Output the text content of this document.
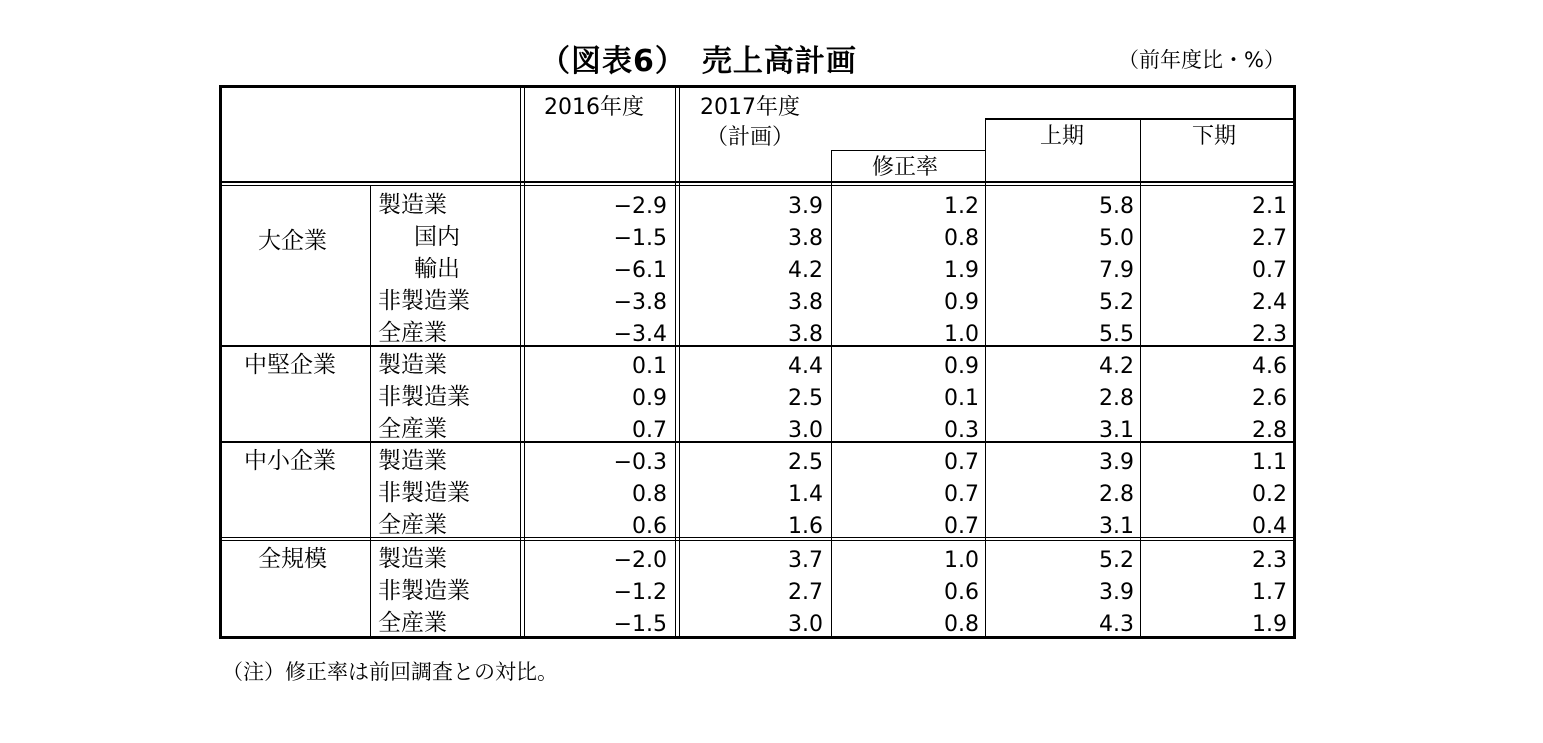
（図表6）　売上高計画	（前年度比・%）
2016年度	2017年度
（計画）
修正率
上期	下期
大企業
製造業	−2.9	3.9	1.2	5.8	2.1
国内	−1.5	3.8	0.8	5.0	2.7
輸出	−6.1	4.2	1.9	7.9	0.7
非製造業	−3.8	3.8	0.9	5.2	2.4
全産業	−3.4	3.8	1.0	5.5	2.3
中堅企業 製造業	0.1	4.4	0.9	4.2	4.6
非製造業	0.9	2.5	0.1	2.8	2.6
全産業	0.7	3.0	0.3	3.1	2.8
中小企業 製造業	−0.3	2.5	0.7	3.9	1.1
非製造業	0.8	1.4	0.7	2.8	0.2
全産業	0.6	1.6	0.7	3.1	0.4
全規模 製造業	−2.0	3.7	1.0	5.2	2.3
非製造業	−1.2	2.7	0.6	3.9	1.7
全産業	−1.5	3.0	0.8	4.3	1.9
（注）修正率は前回調査との対比。
